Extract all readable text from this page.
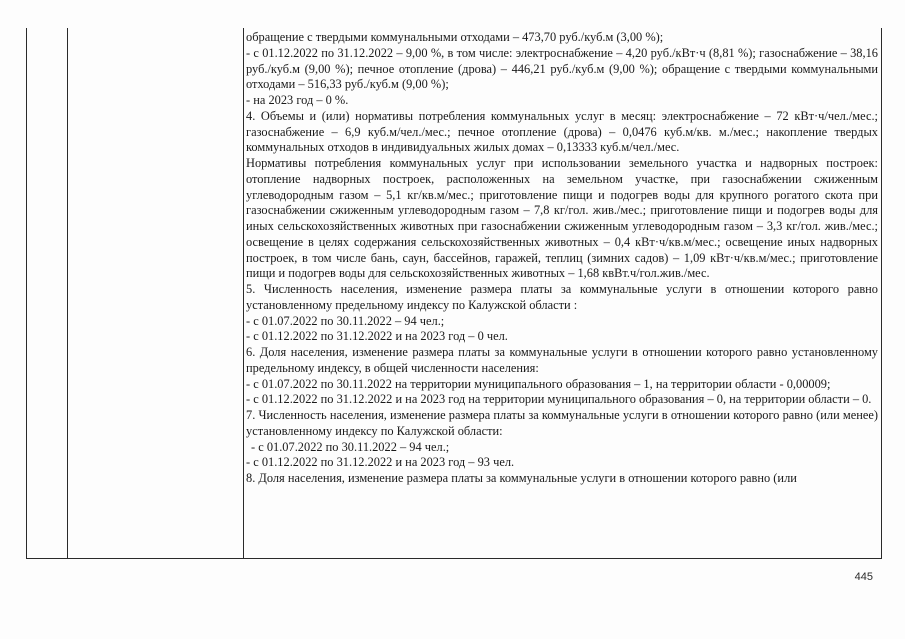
обращение с твердыми коммунальными отходами – 473,70 руб./куб.м (3,00 %);

- с 01.12.2022 по 31.12.2022 – 9,00 %, в том числе: электроснабжение – 4,20 руб./кВт·ч (8,81 %); газоснабжение – 38,16 руб./куб.м (9,00 %); печное отопление (дрова) – 446,21 руб./куб.м (9,00 %); обращение с твердыми коммунальными отходами – 516,33 руб./куб.м (9,00 %);

- на 2023 год – 0 %.

4. Объемы и (или) нормативы потребления коммунальных услуг в месяц: электроснабжение – 72 кВт·ч/чел./мес.; газоснабжение – 6,9 куб.м/чел./мес.; печное отопление (дрова) – 0,0476 куб.м/кв. м./мес.; накопление твердых коммунальных отходов в индивидуальных жилых домах – 0,13333 куб.м/чел./мес.

Нормативы потребления коммунальных услуг при использовании земельного участка и надворных построек: отопление надворных построек, расположенных на земельном участке, при газоснабжении сжиженным углеводородным газом – 5,1 кг/кв.м/мес.; приготовление пищи и подогрев воды для крупного рогатого скота при газоснабжении сжиженным углеводородным газом – 7,8 кг/гол. жив./мес.; приготовление пищи и подогрев воды для иных сельскохозяйственных животных при газоснабжении сжиженным углеводородным газом – 3,3 кг/гол. жив./мес.; освещение в целях содержания сельскохозяйственных животных – 0,4 кВт·ч/кв.м/мес.; освещение иных надворных построек, в том числе бань, саун, бассейнов, гаражей, теплиц (зимних садов) – 1,09 кВт·ч/кв.м/мес.; приготовление пищи и подогрев воды для сельскохозяйственных животных – 1,68 квВт.ч/гол.жив./мес.

5. Численность населения, изменение размера платы за коммунальные услуги в отношении которого равно установленному предельному индексу по Калужской области :

- с 01.07.2022 по 30.11.2022 – 94 чел.;

- с 01.12.2022 по 31.12.2022 и на 2023 год – 0 чел.

6. Доля населения, изменение размера платы за коммунальные услуги в отношении которого равно установленному предельному индексу, в общей численности населения:

- с 01.07.2022 по 30.11.2022 на территории муниципального образования – 1, на территории области - 0,00009;

- с 01.12.2022 по 31.12.2022 и на 2023 год на территории муниципального образования – 0, на территории области – 0.

7. Численность населения, изменение размера платы за коммунальные услуги в отношении которого равно (или менее) установленному индексу по Калужской области:

- с 01.07.2022 по 30.11.2022 – 94 чел.;

- с 01.12.2022 по 31.12.2022 и на 2023 год – 93 чел.

8. Доля населения, изменение размера платы за коммунальные услуги в отношении которого равно (или

445
